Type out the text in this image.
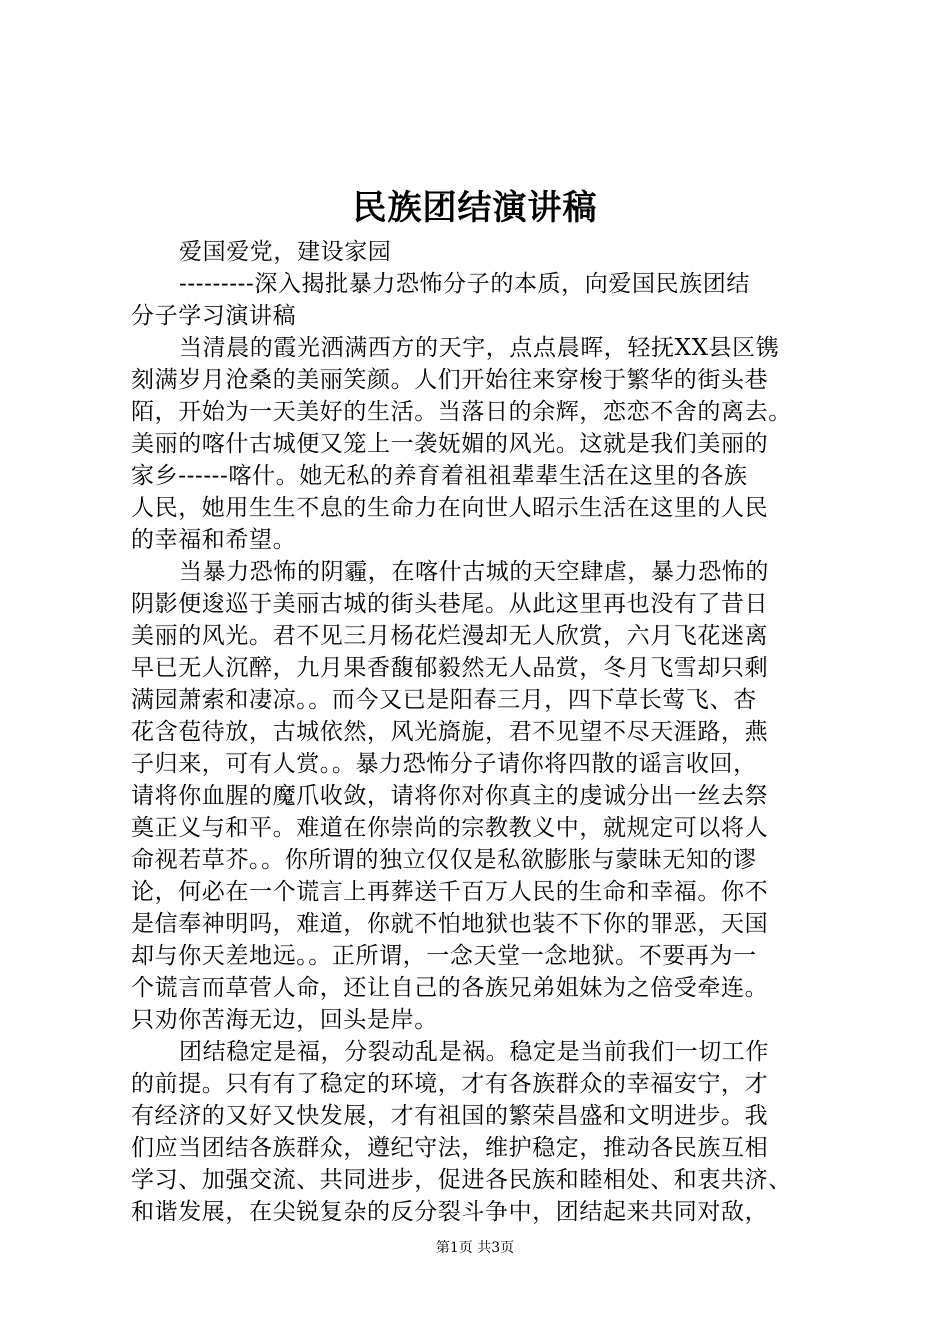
民族团结演讲稿
爱国爱党，建设家园
---------深入揭批暴力恐怖分子的本质，向爱国民族团结
分子学习演讲稿
当清晨的霞光洒满西方的天宇，点点晨晖，轻抚XX县区镌
刻满岁月沧桑的美丽笑颜。人们开始往来穿梭于繁华的街头巷
陌，开始为一天美好的生活。当落日的余辉，恋恋不舍的离去。
美丽的喀什古城便又笼上一袭妩媚的风光。这就是我们美丽的
家乡------喀什。她无私的养育着祖祖辈辈生活在这里的各族
人民，她用生生不息的生命力在向世人昭示生活在这里的人民
的幸福和希望。
当暴力恐怖的阴霾，在喀什古城的天空肆虐，暴力恐怖的
阴影便逡巡于美丽古城的街头巷尾。从此这里再也没有了昔日
美丽的风光。君不见三月杨花烂漫却无人欣赏，六月飞花迷离
早已无人沉醉，九月果香馥郁毅然无人品赏，冬月飞雪却只剩
满园萧索和凄凉。。而今又已是阳春三月，四下草长莺飞、杏
花含苞待放，古城依然，风光旖旎，君不见望不尽天涯路，燕
子归来，可有人赏。。暴力恐怖分子请你将四散的谣言收回，
请将你血腥的魔爪收敛，请将你对你真主的虔诚分出一丝去祭
奠正义与和平。难道在你崇尚的宗教教义中，就规定可以将人
命视若草芥。。你所谓的独立仅仅是私欲膨胀与蒙昧无知的谬
论，何必在一个谎言上再葬送千百万人民的生命和幸福。你不
是信奉神明吗，难道，你就不怕地狱也装不下你的罪恶，天国
却与你天差地远。。正所谓，一念天堂一念地狱。不要再为一
个谎言而草菅人命，还让自己的各族兄弟姐妹为之倍受牵连。
只劝你苦海无边，回头是岸。
团结稳定是福，分裂动乱是祸。稳定是当前我们一切工作
的前提。只有有了稳定的环境，才有各族群众的幸福安宁，才
有经济的又好又快发展，才有祖国的繁荣昌盛和文明进步。我
们应当团结各族群众，遵纪守法，维护稳定，推动各民族互相
学习、加强交流、共同进步，促进各民族和睦相处、和衷共济、
和谐发展，在尖锐复杂的反分裂斗争中，团结起来共同对敌，
第1页 共3页
